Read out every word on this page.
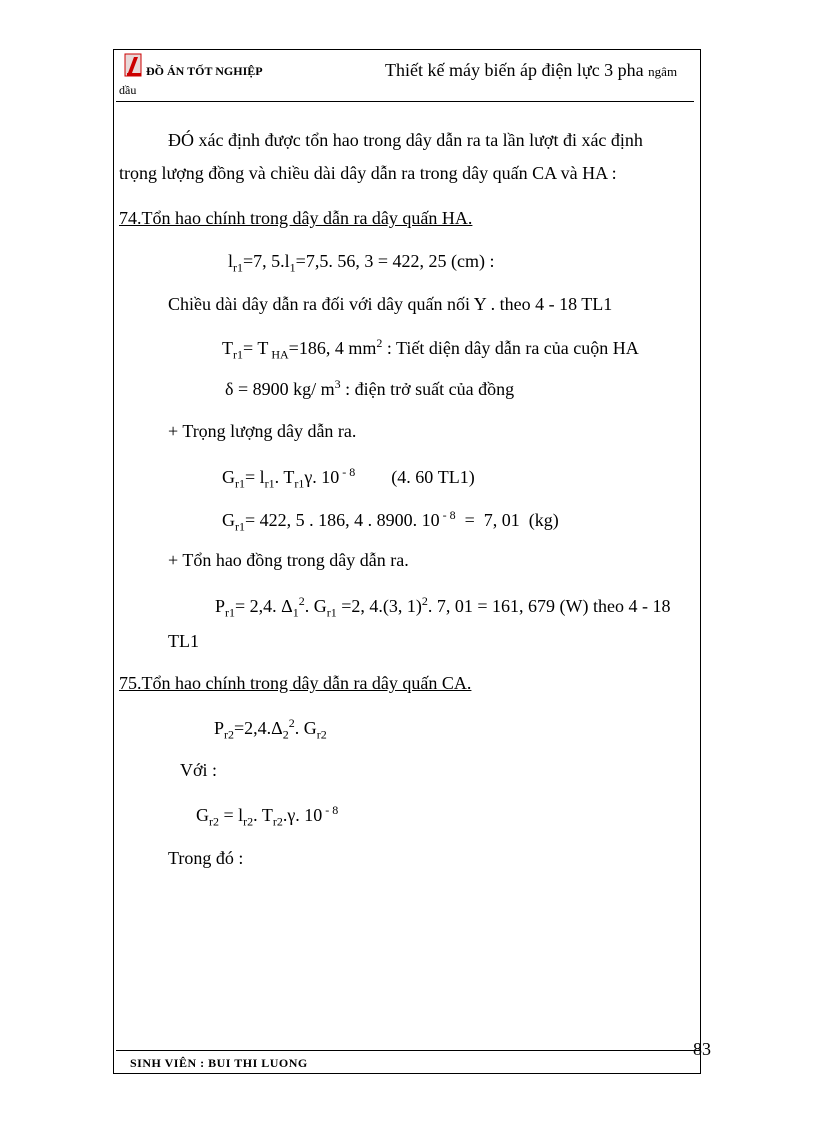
ĐỒ ÁN TỐT NGHIỆP	Thiết kế máy biến áp điện lực 3 pha ngâm
dầu
ĐÓ xác định được tổn hao trong dây dẫn ra ta lần lượt đi xác định
trọng lượng đồng và chiều dài dây dẫn ra trong dây quấn CA và HA :
74.Tổn hao chính trong dây dẫn ra dây quấn HA.
$l_{r1}=7$, $5.l_1=7,5$. 56, 3 = 422, 25 (cm) :
Chiều dài dây dẫn ra đối với dây quấn nối Y . theo 4 - 18 TL1
$T_{r1}= T$ $_{HA}$=186, 4 $mm^2$ : Tiết diện dây dẫn ra của cuộn HA
δ = 8900 kg/ $m^3$ : điện trở suất của đồng
+ Trọng lượng dây dẫn ra.
$G_{r1}= l_{r1}$. $T_{r1}\gamma$. 10 $^{- 8}$        (4. 60 TL1)
$G_{r1}= 422$, 5 . 186, 4 . 8900. 10 $^{- 8}$  =  7, 01  (kg)
+ Tổn hao đồng trong dây dẫn ra.
$P_{r1}= 2,4$. $\Delta_1^2$. $G_{r1} =2$, 4.(3, 1)$^2$. 7, 01 = 161, 679 (W) theo 4 - 18
TL1
75.Tổn hao chính trong dây dẫn ra dây quấn CA.
$P_{r2}=2,4.\Delta_2^2$. $G_{r2}$
Với :
$G_{r2} = l_{r2}$. $T_{r2}.\gamma$. 10 $^{- 8}$
Trong đó :
SINH VIÊN : BUI THI LUONG
83
